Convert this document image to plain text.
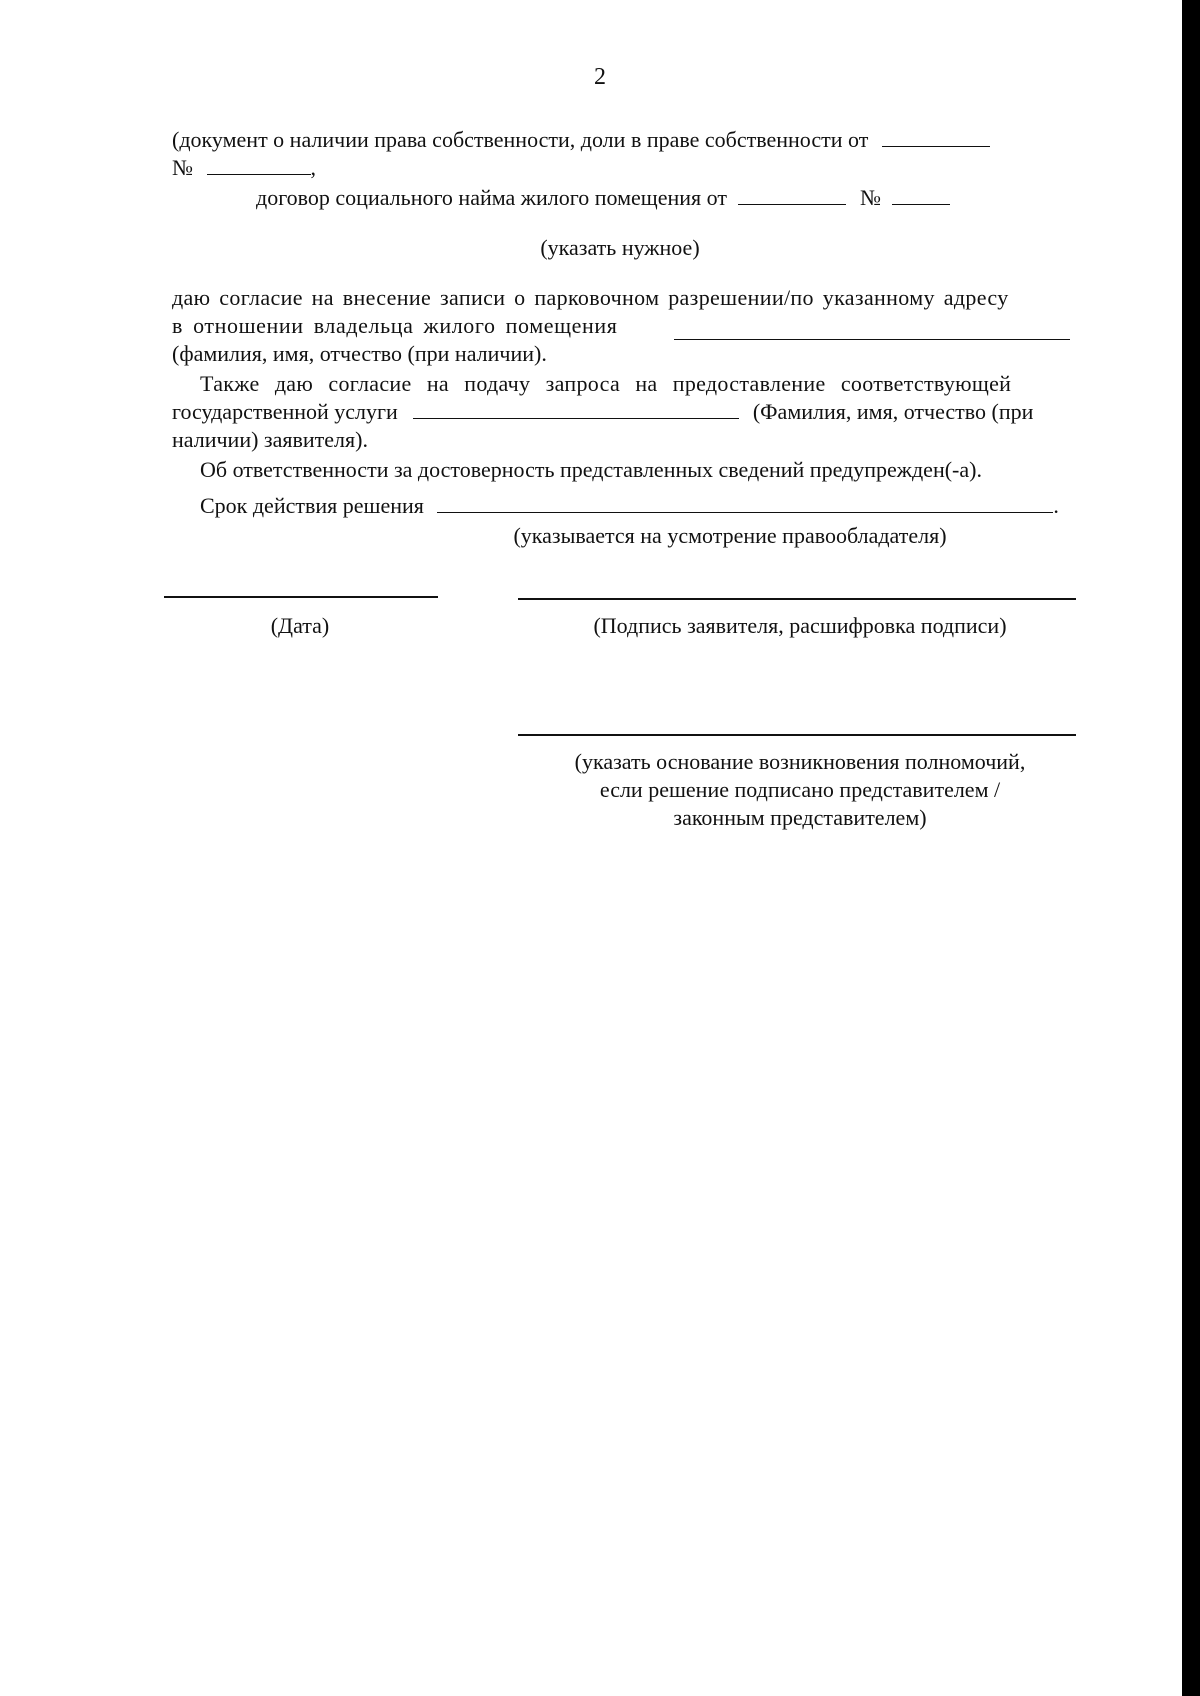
2
(документ о наличии права собственности, доли в праве собственности от
№	,
договор социального найма жилого помещения от	№
(указать нужное)
даю согласие на внесение записи о парковочном разрешении/по указанному адресу
в отношении владельца жилого помещения
(фамилия, имя, отчество (при наличии).
Также даю согласие на подачу запроса на предоставление соответствующей
государственной услуги	(Фамилия, имя, отчество (при
наличии) заявителя).
Об ответственности за достоверность представленных сведений предупрежден(-а).
Срок действия решения	.
(указывается на усмотрение правообладателя)
(Дата)	(Подпись заявителя, расшифровка подписи)
(указать основание возникновения полномочий,
если решение подписано представителем /
законным представителем)
